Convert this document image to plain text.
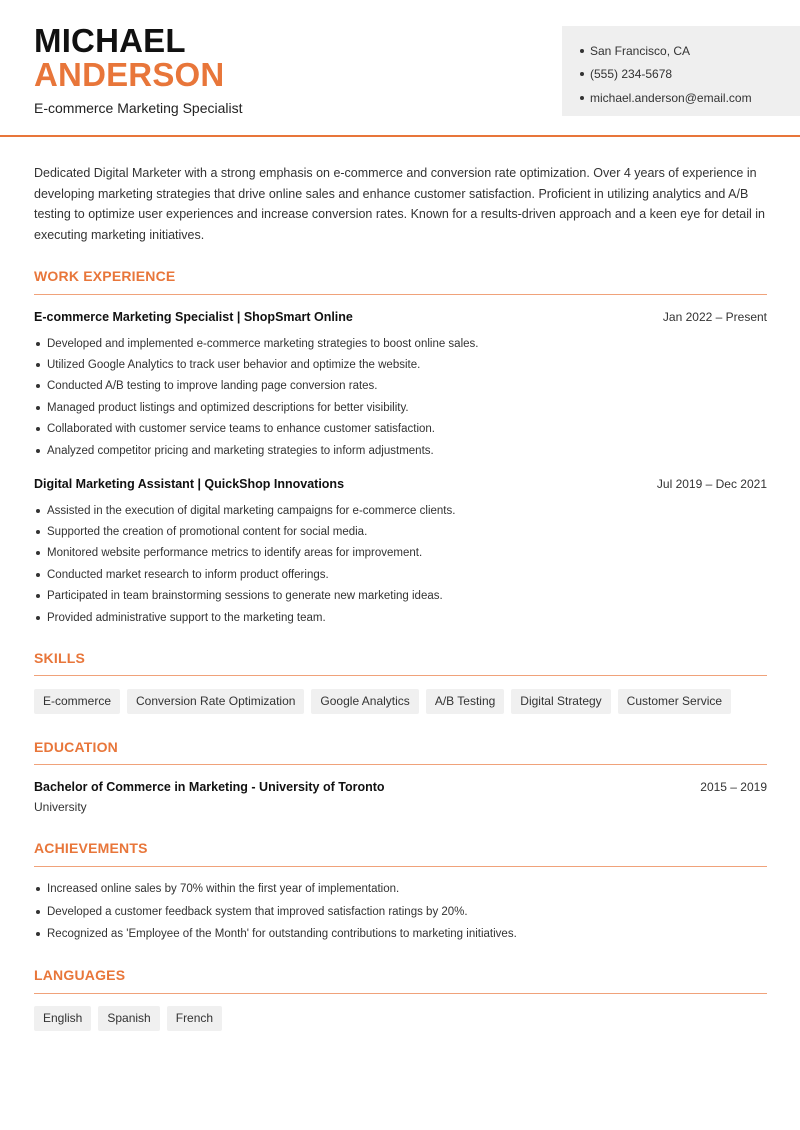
MICHAEL
ANDERSON
E-commerce Marketing Specialist
San Francisco, CA
(555) 234-5678
michael.anderson@email.com

Dedicated Digital Marketer with a strong emphasis on e-commerce and conversion rate optimization. Over 4 years of experience in developing marketing strategies that drive online sales and enhance customer satisfaction. Proficient in utilizing analytics and A/B testing to optimize user experiences and increase conversion rates. Known for a results-driven approach and a keen eye for detail in executing marketing initiatives.

WORK EXPERIENCE
E-commerce Marketing Specialist | ShopSmart Online	Jan 2022 – Present
Developed and implemented e-commerce marketing strategies to boost online sales.
Utilized Google Analytics to track user behavior and optimize the website.
Conducted A/B testing to improve landing page conversion rates.
Managed product listings and optimized descriptions for better visibility.
Collaborated with customer service teams to enhance customer satisfaction.
Analyzed competitor pricing and marketing strategies to inform adjustments.
Digital Marketing Assistant | QuickShop Innovations	Jul 2019 – Dec 2021
Assisted in the execution of digital marketing campaigns for e-commerce clients.
Supported the creation of promotional content for social media.
Monitored website performance metrics to identify areas for improvement.
Conducted market research to inform product offerings.
Participated in team brainstorming sessions to generate new marketing ideas.
Provided administrative support to the marketing team.
SKILLS
E-commerce	Conversion Rate Optimization	Google Analytics	A/B Testing	Digital Strategy	Customer Service
EDUCATION
Bachelor of Commerce in Marketing - University of Toronto	2015 – 2019
University
ACHIEVEMENTS
Increased online sales by 70% within the first year of implementation.
Developed a customer feedback system that improved satisfaction ratings by 20%.
Recognized as 'Employee of the Month' for outstanding contributions to marketing initiatives.
LANGUAGES
English	Spanish	French
